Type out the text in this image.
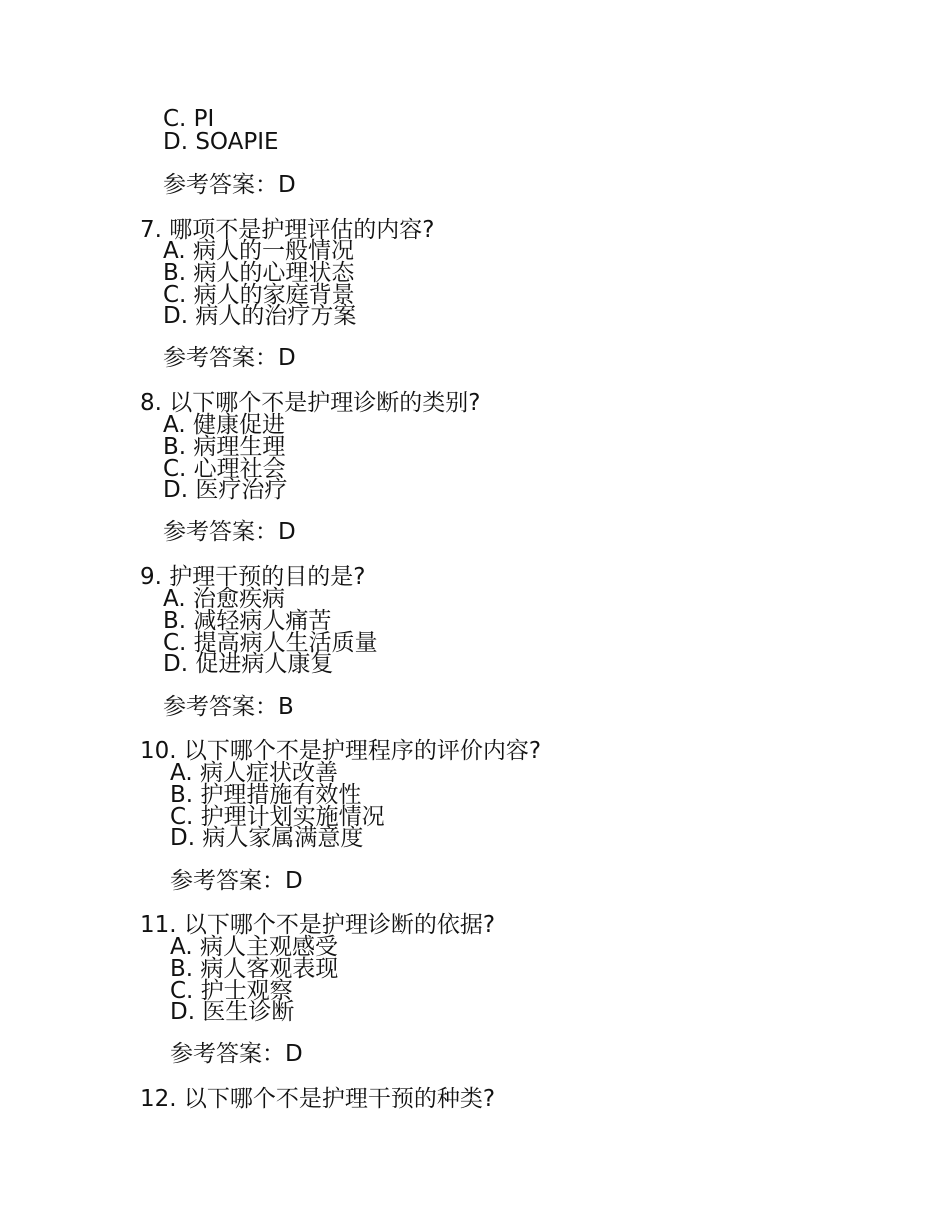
C. PI
D. SOAPIE
参考答案：D
7. 哪项不是护理评估的内容?
A. 病人的一般情况
B. 病人的心理状态
C. 病人的家庭背景
D. 病人的治疗方案
参考答案：D
8. 以下哪个不是护理诊断的类别?
A. 健康促进
B. 病理生理
C. 心理社会
D. 医疗治疗
参考答案：D
9. 护理干预的目的是?
A. 治愈疾病
B. 减轻病人痛苦
C. 提高病人生活质量
D. 促进病人康复
参考答案：B
10. 以下哪个不是护理程序的评价内容?
A. 病人症状改善
B. 护理措施有效性
C. 护理计划实施情况
D. 病人家属满意度
参考答案：D
11. 以下哪个不是护理诊断的依据?
A. 病人主观感受
B. 病人客观表现
C. 护士观察
D. 医生诊断
参考答案：D
12. 以下哪个不是护理干预的种类?
